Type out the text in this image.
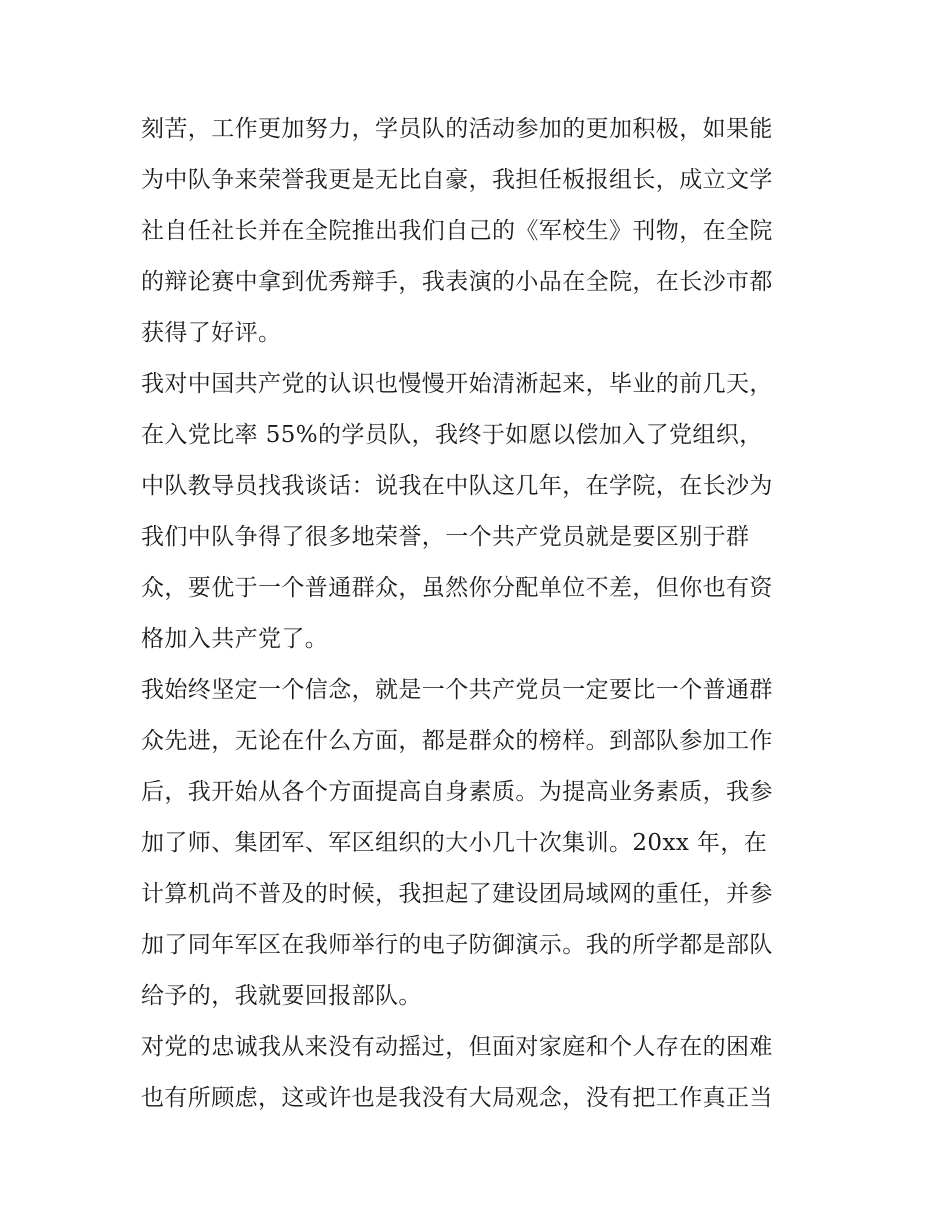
刻苦，工作更加努力，学员队的活动参加的更加积极，如果能
为中队争来荣誉我更是无比自豪，我担任板报组长，成立文学
社自任社长并在全院推出我们自己的《军校生》刊物，在全院
的辩论赛中拿到优秀辩手，我表演的小品在全院，在长沙市都
获得了好评。
我对中国共产党的认识也慢慢开始清淅起来，毕业的前几天，
在入党比率 55%的学员队，我终于如愿以偿加入了党组织，
中队教导员找我谈话：说我在中队这几年，在学院，在长沙为
我们中队争得了很多地荣誉，一个共产党员就是要区别于群
众，要优于一个普通群众，虽然你分配单位不差，但你也有资
格加入共产党了。
我始终坚定一个信念，就是一个共产党员一定要比一个普通群
众先进，无论在什么方面，都是群众的榜样。到部队参加工作
后，我开始从各个方面提高自身素质。为提高业务素质，我参
加了师、集团军、军区组织的大小几十次集训。20xx 年，在
计算机尚不普及的时候，我担起了建设团局域网的重任，并参
加了同年军区在我师举行的电子防御演示。我的所学都是部队
给予的，我就要回报部队。
对党的忠诚我从来没有动摇过，但面对家庭和个人存在的困难
也有所顾虑，这或许也是我没有大局观念，没有把工作真正当
